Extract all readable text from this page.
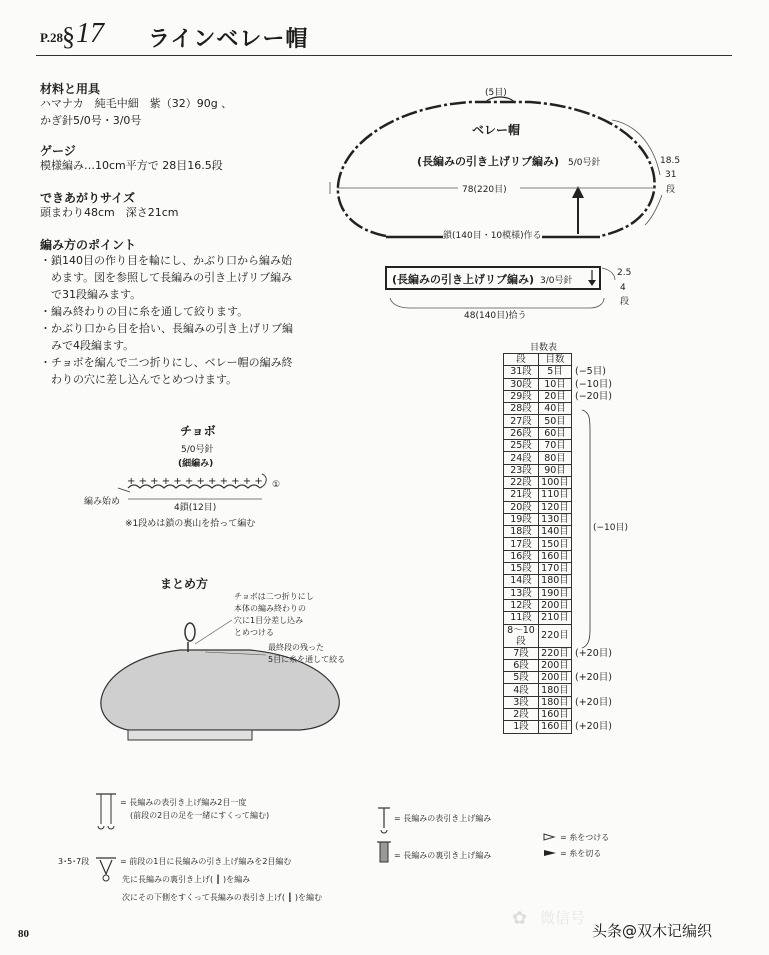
P.28 § 17 ラインベレー帽
材料と用具
ハマナカ　純毛中細　紫（32）90g 、
かぎ針5/0号・3/0号
ゲージ
模様編み…10cm平方で 28目16.5段
できあがりサイズ
頭まわり48cm　深さ21cm
編み方のポイント
・鎖140目の作り目を輪にし、かぶり口から編み始
　めます。図を参照して長編みの引き上げリブ編み
　で31段編みます。
・編み終わりの目に糸を通して絞ります。
・かぶり口から目を拾い、長編みの引き上げリブ編
　みで4段編ます。
・チョボを編んで二つ折りにし、ベレー帽の編み終
　わりの穴に差し込んでとめつけます。
(5目)
ベレー帽
(長編みの引き上げリブ編み) 5/0号針
78(220目)
18.5
31
段
鎖(140目・10模様)作る
(長編みの引き上げリブ編み) 3/0号針
2.5
4
段
48(140目)拾う
目数表
段	目数	
31段	5目	(−5目)
30段	10目	(−10目)
29段	20目	(−20目)
28段	40目	
27段	50目	
26段	60目	
25段	70目	
24段	80目	
23段	90目	
22段	100目	
21段	110目	
20段	120目	
19段	130目	
18段	140目	
17段	150目	
16段	160目	
15段	170目	
14段	180目	
13段	190目	
12段	200目	
11段	210目	
8〜10段	220目	
7段	220目	(+20目)
6段	200目	
5段	200目	(+20目)
4段	180目	
3段	180目	(+20目)
2段	160目	
1段	160目	(+20目)
(−10目)
チョボ
5/0号針
(細編み)
++++++++++++ ①
編み始め
4鎖(12目)
※1段めは鎖の裏山を拾って編む
まとめ方
チョボは二つ折りにし
本体の編み終わりの
穴に1目分差し込み
とめつける
最終段の残った
5目に糸を通して絞る
= 長編みの表引き上げ編み2目一度
(前段の2目の足を一緒にすくって編む)
3･5･7段	= 前段の1目に長編みの引き上げ編みを2目編む
先に長編みの裏引き上げ( ┃ )を編み
次にその下側をすくって長編みの表引き上げ( ┃ )を編む
= 長編みの表引き上げ編み
= 長編みの裏引き上げ編み
= 糸をつける
= 糸を切る
80
✿ 微信号
头条@双木记编织
